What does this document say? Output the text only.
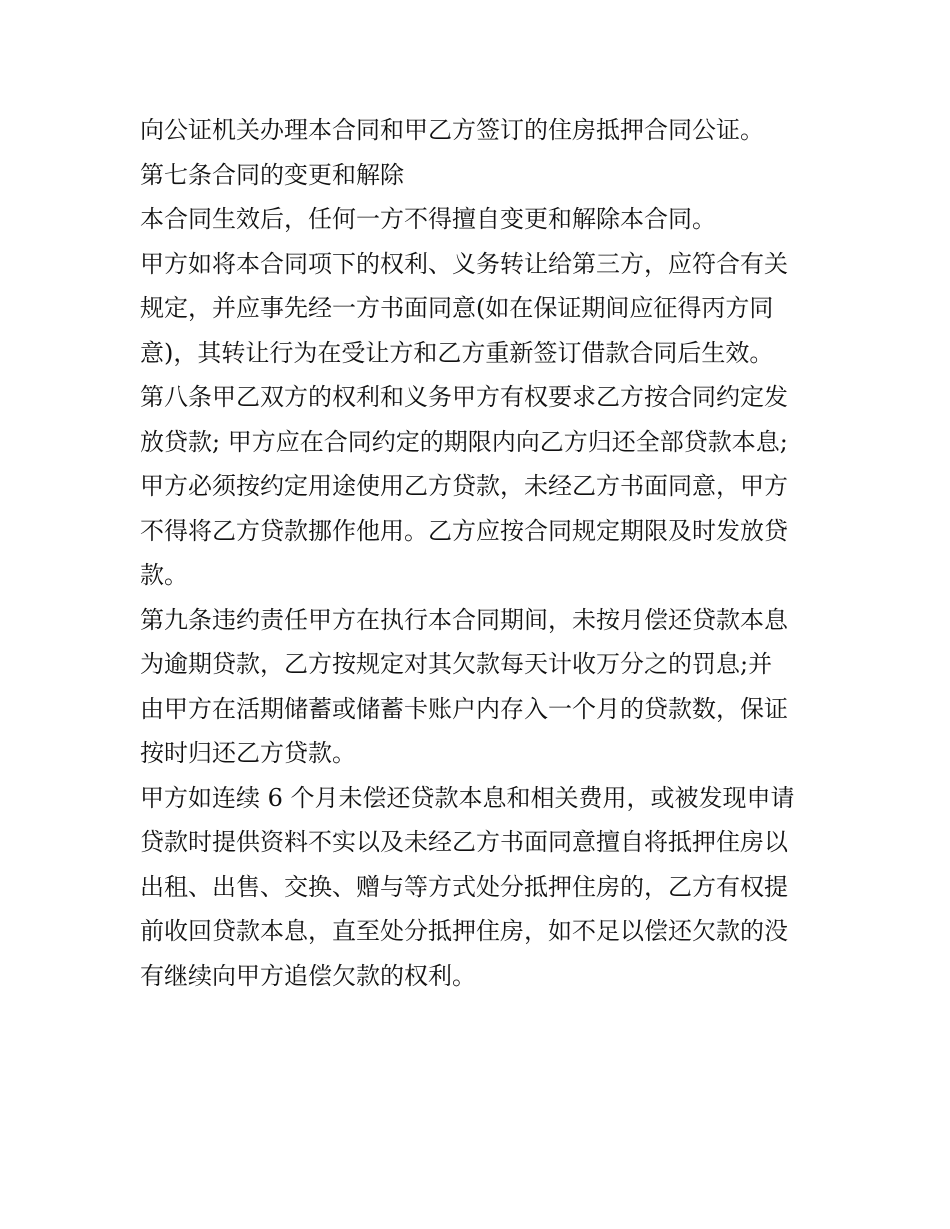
向公证机关办理本合同和甲乙方签订的住房抵押合同公证。

第七条合同的变更和解除

本合同生效后，任何一方不得擅自变更和解除本合同。

甲方如将本合同项下的权利、义务转让给第三方，应符合有关
规定，并应事先经一方书面同意(如在保证期间应征得丙方同
意)，其转让行为在受让方和乙方重新签订借款合同后生效。

第八条甲乙双方的权利和义务甲方有权要求乙方按合同约定发
放贷款; 甲方应在合同约定的期限内向乙方归还全部贷款本息;
甲方必须按约定用途使用乙方贷款，未经乙方书面同意，甲方
不得将乙方贷款挪作他用。乙方应按合同规定期限及时发放贷
款。

第九条违约责任甲方在执行本合同期间，未按月偿还贷款本息
为逾期贷款，乙方按规定对其欠款每天计收万分之的罚息;并
由甲方在活期储蓄或储蓄卡账户内存入一个月的贷款数，保证
按时归还乙方贷款。

甲方如连续 6 个月未偿还贷款本息和相关费用，或被发现申请
贷款时提供资料不实以及未经乙方书面同意擅自将抵押住房以
出租、出售、交换、赠与等方式处分抵押住房的，乙方有权提
前收回贷款本息，直至处分抵押住房，如不足以偿还欠款的没
有继续向甲方追偿欠款的权利。
